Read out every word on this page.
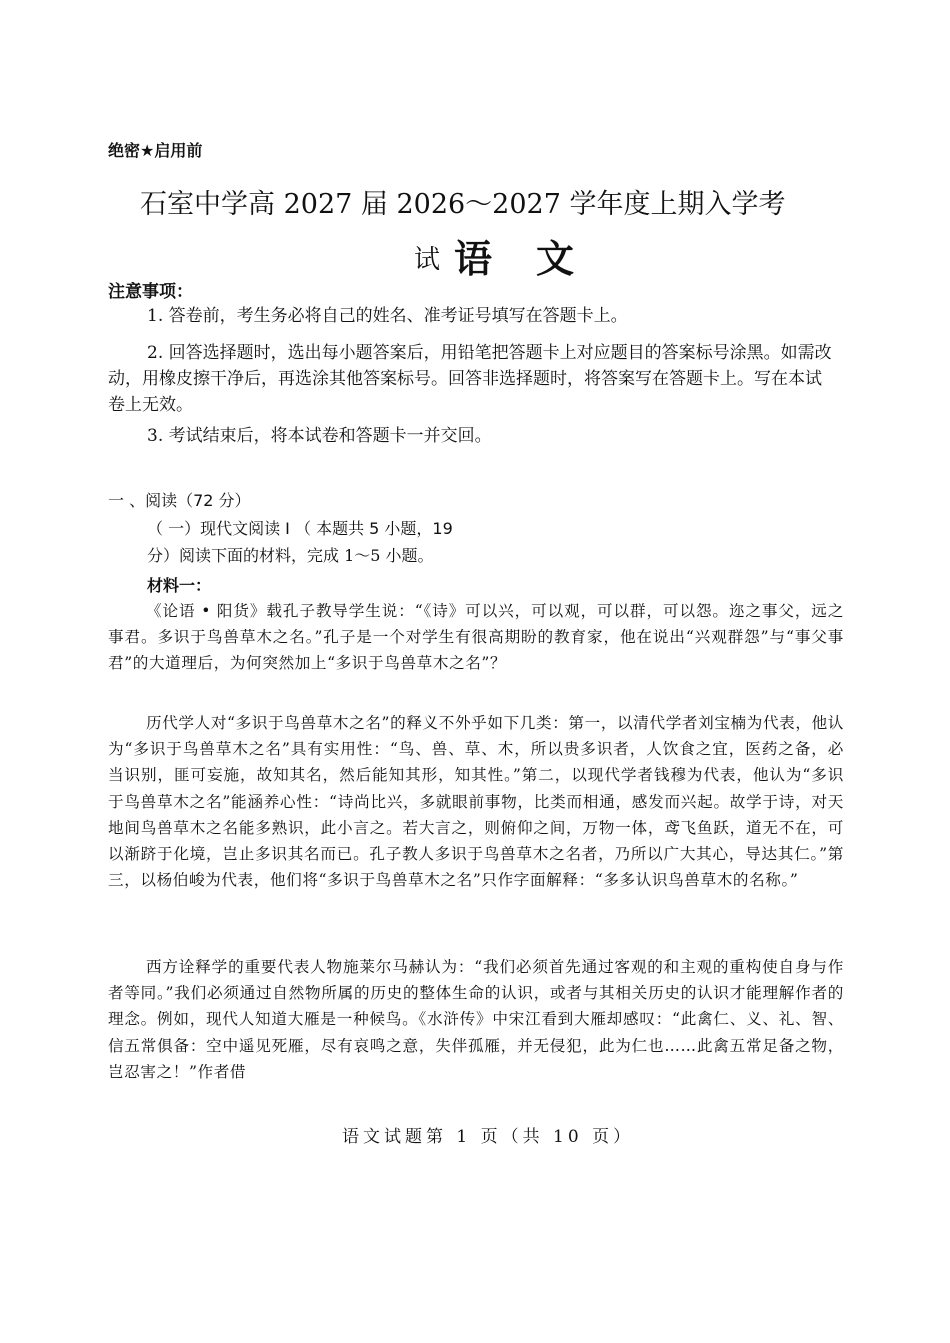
绝密★启用前
石室中学高 2027 届 2026～2027 学年度上期入学考
试 语文
注意事项：
1. 答卷前，考生务必将自己的姓名、准考证号填写在答题卡上。
2. 回答选择题时，选出每小题答案后，用铅笔把答题卡上对应题目的答案标号涂黑。如需改动，用橡皮擦干净后，再选涂其他答案标号。回答非选择题时，将答案写在答题卡上。写在本试卷上无效。
3. 考试结束后，将本试卷和答题卡一并交回。
一 、阅读（72 分）
（ 一）现代文阅读 I （ 本题共 5 小题，19
分）阅读下面的材料，完成 1～5 小题。
材料一：
《论语 • 阳货》载孔子教导学生说：“《诗》可以兴，可以观，可以群，可以怨。迩之事父，远之事君。多识于鸟兽草木之名。”孔子是一个对学生有很高期盼的教育家，他在说出“兴观群怨”与“事父事君”的大道理后，为何突然加上“多识于鸟兽草木之名”？
历代学人对“多识于鸟兽草木之名”的释义不外乎如下几类：第一，以清代学者刘宝楠为代表，他认为“多识于鸟兽草木之名”具有实用性：“鸟、兽、草、木，所以贵多识者，人饮食之宜，医药之备，必当识别，匪可妄施，故知其名，然后能知其形，知其性。”第二，以现代学者钱穆为代表，他认为“多识于鸟兽草木之名”能涵养心性：“诗尚比兴，多就眼前事物，比类而相通，感发而兴起。故学于诗，对天地间鸟兽草木之名能多熟识，此小言之。若大言之，则俯仰之间，万物一体，鸢飞鱼跃，道无不在，可以渐跻于化境，岂止多识其名而已。孔子教人多识于鸟兽草木之名者，乃所以广大其心，导达其仁。”第三，以杨伯峻为代表，他们将“多识于鸟兽草木之名”只作字面解释：“多多认识鸟兽草木的名称。”
西方诠释学的重要代表人物施莱尔马赫认为：“我们必须首先通过客观的和主观的重构使自身与作者等同。”我们必须通过自然物所属的历史的整体生命的认识，或者与其相关历史的认识才能理解作者的理念。例如，现代人知道大雁是一种候鸟。《水浒传》中宋江看到大雁却感叹：“此禽仁、义、礼、智、信五常俱备：空中遥见死雁，尽有哀鸣之意，失伴孤雁，并无侵犯，此为仁也……此禽五常足备之物，岂忍害之！”作者借
语文试题第 1 页（共 10 页）
